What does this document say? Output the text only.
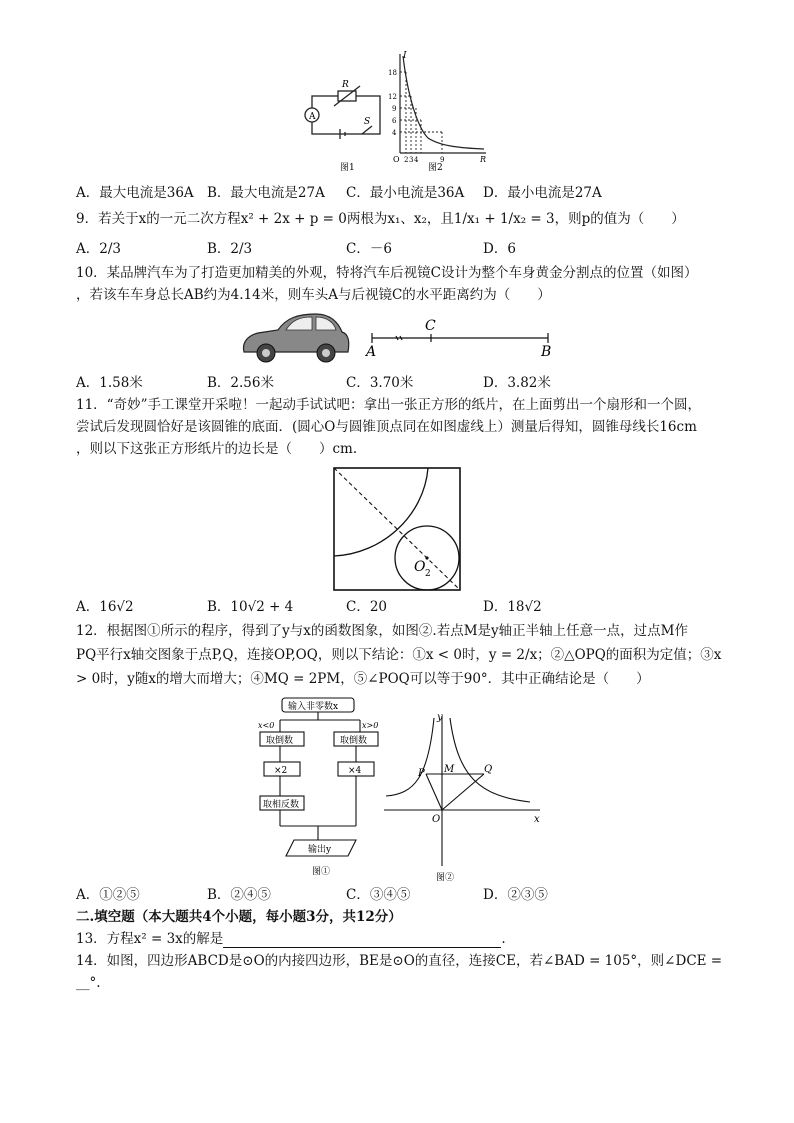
A
R
S
图1
I
R
O
18
12
9
6
4
2 3 4	9
图2
A．最大电流是36A B．最大电流是27A C．最小电流是36A D．最小电流是27A
9．若关于x的一元二次方程x² + 2x + p = 0两根为x₁、x₂，且1/x₁ + 1/x₂ = 3，则p的值为（　　）
A．2/3	B．2/3	C．－6	D．6
10．某品牌汽车为了打造更加精美的外观，特将汽车后视镜C设计为整个车身黄金分割点的位置（如图）
，若该车车身总长AB约为4.14米，则车头A与后视镜C的水平距离约为（　　）
A
C
B
A．1.58米	B．2.56米	C．3.70米	D．3.82米
11．“奇妙”手工课堂开采啦！一起动手试试吧：拿出一张正方形的纸片，在上面剪出一个扇形和一个圆，
尝试后发现圆恰好是该圆锥的底面．(圆心O与圆锥顶点同在如图虚线上）测量后得知，圆锥母线长16cm
，则以下这张正方形纸片的边长是（　　）cm.
O 2
A．16√2	B．10√2 + 4	C．20	D．18√2
12．根据图①所示的程序，得到了y与x的函数图象，如图②.若点M是y轴正半轴上任意一点，过点M作
PQ平行x轴交图象于点P,Q，连接OP,OQ，则以下结论：①x < 0时，y = 2/x；②△OPQ的面积为定值；③x
> 0时，y随x的增大而增大；④MQ = 2PM，⑤∠POQ可以等于90°．其中正确结论是（　　）
输入非零数x
x<0	x>0
取倒数	取倒数
×2	×4
取相反数
输出y
图①
y
x
P M	Q
O
图②
A．①②⑤	B．②④⑤	C．③④⑤	D．②③⑤
二.填空题（本大题共4个小题，每小题3分，共12分）
13．方程x² = 3x的解是	.
14．如图，四边形ABCD是⊙O的内接四边形，BE是⊙O的直径，连接CE，若∠BAD = 105°，则∠DCE =
__°.
